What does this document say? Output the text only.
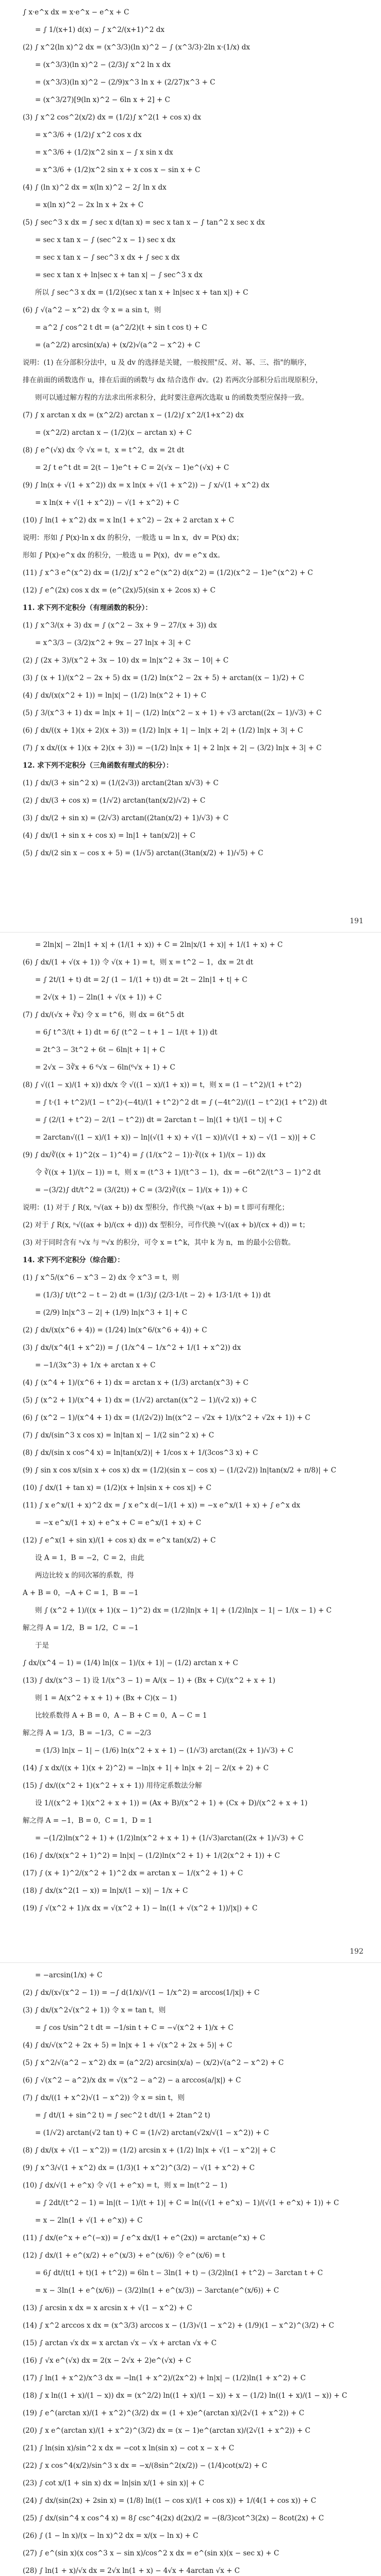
∫ x·e^x dx = x·e^x − e^x + C
= ∫ 1/(x+1) d(x) − ∫ x^2/(x+1)^2 dx
(2) ∫ x^2(ln x)^2 dx = (x^3/3)(ln x)^2 − ∫ (x^3/3)·2ln x·(1/x) dx
= (x^3/3)(ln x)^2 − (2/3)∫ x^2 ln x dx
= (x^3/3)(ln x)^2 − (2/9)x^3 ln x + (2/27)x^3 + C
= (x^3/27)[9(ln x)^2 − 6ln x + 2] + C
(3) ∫ x^2 cos^2(x/2) dx = (1/2)∫ x^2(1 + cos x) dx
= x^3/6 + (1/2)∫ x^2 cos x dx
= x^3/6 + (1/2)x^2 sin x − ∫ x sin x dx
= x^3/6 + (1/2)x^2 sin x + x cos x − sin x + C
(4) ∫ (ln x)^2 dx = x(ln x)^2 − 2∫ ln x dx
= x(ln x)^2 − 2x ln x + 2x + C
(5) ∫ sec^3 x dx = ∫ sec x d(tan x) = sec x tan x − ∫ tan^2 x sec x dx
= sec x tan x − ∫ (sec^2 x − 1) sec x dx
= sec x tan x − ∫ sec^3 x dx + ∫ sec x dx
= sec x tan x + ln|sec x + tan x| − ∫ sec^3 x dx
所以 ∫ sec^3 x dx = (1/2)(sec x tan x + ln|sec x + tan x|) + C
(6) ∫ √(a^2 − x^2) dx 令 x = a sin t，则
= a^2 ∫ cos^2 t dt = (a^2/2)(t + sin t cos t) + C
= (a^2/2) arcsin(x/a) + (x/2)√(a^2 − x^2) + C
说明：(1) 在分部积分法中，u 及 dv 的选择是关键，一般按照"反、对、幂、三、指"的顺序，
排在前面的函数选作 u，排在后面的函数与 dx 结合选作 dv。(2) 若两次分部积分后出现原积分，
则可以通过解方程的方法求出所求积分，此时要注意两次选取 u 的函数类型应保持一致。
(7) ∫ x arctan x dx = (x^2/2) arctan x − (1/2)∫ x^2/(1+x^2) dx
= (x^2/2) arctan x − (1/2)(x − arctan x) + C
(8) ∫ e^(√x) dx 令 √x = t，x = t^2，dx = 2t dt
= 2∫ t e^t dt = 2(t − 1)e^t + C = 2(√x − 1)e^(√x) + C
(9) ∫ ln(x + √(1 + x^2)) dx = x ln(x + √(1 + x^2)) − ∫ x/√(1 + x^2) dx
= x ln(x + √(1 + x^2)) − √(1 + x^2) + C
(10) ∫ ln(1 + x^2) dx = x ln(1 + x^2) − 2x + 2 arctan x + C
说明：形如 ∫ P(x)·ln x dx 的积分，一般选 u = ln x，dv = P(x) dx；
形如 ∫ P(x)·e^x dx 的积分，一般选 u = P(x)，dv = e^x dx。
(11) ∫ x^3 e^(x^2) dx = (1/2)∫ x^2 e^(x^2) d(x^2) = (1/2)(x^2 − 1)e^(x^2) + C
(12) ∫ e^(2x) cos x dx = (e^(2x)/5)(sin x + 2cos x) + C
11. 求下列不定积分（有理函数的积分）：
(1) ∫ x^3/(x + 3) dx = ∫ (x^2 − 3x + 9 − 27/(x + 3)) dx
= x^3/3 − (3/2)x^2 + 9x − 27 ln|x + 3| + C
(2) ∫ (2x + 3)/(x^2 + 3x − 10) dx = ln|x^2 + 3x − 10| + C
(3) ∫ (x + 1)/(x^2 − 2x + 5) dx = (1/2) ln(x^2 − 2x + 5) + arctan((x − 1)/2) + C
(4) ∫ dx/(x(x^2 + 1)) = ln|x| − (1/2) ln(x^2 + 1) + C
(5) ∫ 3/(x^3 + 1) dx = ln|x + 1| − (1/2) ln(x^2 − x + 1) + √3 arctan((2x − 1)/√3) + C
(6) ∫ dx/((x + 1)(x + 2)(x + 3)) = (1/2) ln|x + 1| − ln|x + 2| + (1/2) ln|x + 3| + C
(7) ∫ x dx/((x + 1)(x + 2)(x + 3)) = −(1/2) ln|x + 1| + 2 ln|x + 2| − (3/2) ln|x + 3| + C
12. 求下列不定积分（三角函数有理式的积分）：
(1) ∫ dx/(3 + sin^2 x) = (1/(2√3)) arctan(2tan x/√3) + C
(2) ∫ dx/(3 + cos x) = (1/√2) arctan(tan(x/2)/√2) + C
(3) ∫ dx/(2 + sin x) = (2/√3) arctan((2tan(x/2) + 1)/√3) + C
(4) ∫ dx/(1 + sin x + cos x) = ln|1 + tan(x/2)| + C
(5) ∫ dx/(2 sin x − cos x + 5) = (1/√5) arctan((3tan(x/2) + 1)/√5) + C
191
= 2ln|x| − 2ln|1 + x| + (1/(1 + x)) + C = 2ln|x/(1 + x)| + 1/(1 + x) + C
(6) ∫ dx/(1 + √(x + 1)) 令 √(x + 1) = t，则 x = t^2 − 1，dx = 2t dt
= ∫ 2t/(1 + t) dt = 2∫ (1 − 1/(1 + t)) dt = 2t − 2ln|1 + t| + C
= 2√(x + 1) − 2ln(1 + √(x + 1)) + C
(7) ∫ dx/(√x + ∛x) 令 x = t^6，则 dx = 6t^5 dt
= 6∫ t^3/(t + 1) dt = 6∫ (t^2 − t + 1 − 1/(t + 1)) dt
= 2t^3 − 3t^2 + 6t − 6ln|t + 1| + C
= 2√x − 3∛x + 6 ⁶√x − 6ln(⁶√x + 1) + C
(8) ∫ √((1 − x)/(1 + x)) dx/x 令 √((1 − x)/(1 + x)) = t，则 x = (1 − t^2)/(1 + t^2)
= ∫ t·(1 + t^2)/(1 − t^2)·(−4t)/(1 + t^2)^2 dt = ∫ (−4t^2)/((1 − t^2)(1 + t^2)) dt
= ∫ (2/(1 + t^2) − 2/(1 − t^2)) dt = 2arctan t − ln|(1 + t)/(1 − t)| + C
= 2arctan√((1 − x)/(1 + x)) − ln|(√(1 + x) + √(1 − x))/(√(1 + x) − √(1 − x))| + C
(9) ∫ dx/∛((x + 1)^2(x − 1)^4) = ∫ (1/(x^2 − 1))·∛((x + 1)/(x − 1)) dx
令 ∛((x + 1)/(x − 1)) = t，则 x = (t^3 + 1)/(t^3 − 1)，dx = −6t^2/(t^3 − 1)^2 dt
= −(3/2)∫ dt/t^2 = (3/(2t)) + C = (3/2)∛((x − 1)/(x + 1)) + C
说明：(1) 对于 ∫ R(x, ⁿ√(ax + b)) dx 型积分，作代换 ⁿ√(ax + b) = t 即可有理化；
(2) 对于 ∫ R(x, ⁿ√((ax + b)/(cx + d))) dx 型积分，可作代换 ⁿ√((ax + b)/(cx + d)) = t；
(3) 对于同时含有 ⁿ√x 与 ᵐ√x 的积分，可令 x = t^k，其中 k 为 n，m 的最小公倍数。
14. 求下列不定积分（综合题）：
(1) ∫ x^5/(x^6 − x^3 − 2) dx 令 x^3 = t，则
= (1/3)∫ t/(t^2 − t − 2) dt = (1/3)∫ (2/3·1/(t − 2) + 1/3·1/(t + 1)) dt
= (2/9) ln|x^3 − 2| + (1/9) ln|x^3 + 1| + C
(2) ∫ dx/(x(x^6 + 4)) = (1/24) ln(x^6/(x^6 + 4)) + C
(3) ∫ dx/(x^4(1 + x^2)) = ∫ (1/x^4 − 1/x^2 + 1/(1 + x^2)) dx
= −1/(3x^3) + 1/x + arctan x + C
(4) ∫ (x^4 + 1)/(x^6 + 1) dx = arctan x + (1/3) arctan(x^3) + C
(5) ∫ (x^2 + 1)/(x^4 + 1) dx = (1/√2) arctan((x^2 − 1)/(√2 x)) + C
(6) ∫ (x^2 − 1)/(x^4 + 1) dx = (1/(2√2)) ln((x^2 − √2x + 1)/(x^2 + √2x + 1)) + C
(7) ∫ dx/(sin^3 x cos x) = ln|tan x| − 1/(2 sin^2 x) + C
(8) ∫ dx/(sin x cos^4 x) = ln|tan(x/2)| + 1/cos x + 1/(3cos^3 x) + C
(9) ∫ sin x cos x/(sin x + cos x) dx = (1/2)(sin x − cos x) − (1/(2√2)) ln|tan(x/2 + π/8)| + C
(10) ∫ dx/(1 + tan x) = (1/2)(x + ln|sin x + cos x|) + C
(11) ∫ x e^x/(1 + x)^2 dx = ∫ x e^x d(−1/(1 + x)) = −x e^x/(1 + x) + ∫ e^x dx
= −x e^x/(1 + x) + e^x + C = e^x/(1 + x) + C
(12) ∫ e^x(1 + sin x)/(1 + cos x) dx = e^x tan(x/2) + C
设 A = 1，B = −2，C = 2，由此
两边比较 x 的同次幂的系数，得
A + B = 0，−A + C = 1，B = −1
则 ∫ (x^2 + 1)/((x + 1)(x − 1)^2) dx = (1/2)ln|x + 1| + (1/2)ln|x − 1| − 1/(x − 1) + C
解之得 A = 1/2，B = 1/2，C = −1
于是
∫ dx/(x^4 − 1) = (1/4) ln|(x − 1)/(x + 1)| − (1/2) arctan x + C
(13) ∫ dx/(x^3 − 1) 设 1/(x^3 − 1) = A/(x − 1) + (Bx + C)/(x^2 + x + 1)
则 1 = A(x^2 + x + 1) + (Bx + C)(x − 1)
比较系数得 A + B = 0，A − B + C = 0，A − C = 1
解之得 A = 1/3，B = −1/3，C = −2/3
= (1/3) ln|x − 1| − (1/6) ln(x^2 + x + 1) − (1/√3) arctan((2x + 1)/√3) + C
(14) ∫ x dx/((x + 1)(x + 2)^2) = −ln|x + 1| + ln|x + 2| − 2/(x + 2) + C
(15) ∫ dx/((x^2 + 1)(x^2 + x + 1)) 用待定系数法分解
设 1/((x^2 + 1)(x^2 + x + 1)) = (Ax + B)/(x^2 + 1) + (Cx + D)/(x^2 + x + 1)
解之得 A = −1，B = 0，C = 1，D = 1
= −(1/2)ln(x^2 + 1) + (1/2)ln(x^2 + x + 1) + (1/√3)arctan((2x + 1)/√3) + C
(16) ∫ dx/(x(x^2 + 1)^2) = ln|x| − (1/2)ln(x^2 + 1) + 1/(2(x^2 + 1)) + C
(17) ∫ (x + 1)^2/(x^2 + 1)^2 dx = arctan x − 1/(x^2 + 1) + C
(18) ∫ dx/(x^2(1 − x)) = ln|x/(1 − x)| − 1/x + C
(19) ∫ √(x^2 + 1)/x dx = √(x^2 + 1) − ln((1 + √(x^2 + 1))/|x|) + C
192
= −arcsin(1/x) + C
(2) ∫ dx/(x√(x^2 − 1)) = −∫ d(1/x)/√(1 − 1/x^2) = arccos(1/|x|) + C
(3) ∫ dx/(x^2√(x^2 + 1)) 令 x = tan t，则
= ∫ cos t/sin^2 t dt = −1/sin t + C = −√(x^2 + 1)/x + C
(4) ∫ dx/√(x^2 + 2x + 5) = ln|x + 1 + √(x^2 + 2x + 5)| + C
(5) ∫ x^2/√(a^2 − x^2) dx = (a^2/2) arcsin(x/a) − (x/2)√(a^2 − x^2) + C
(6) ∫ √(x^2 − a^2)/x dx = √(x^2 − a^2) − a arccos(a/|x|) + C
(7) ∫ dx/((1 + x^2)√(1 − x^2)) 令 x = sin t，则
= ∫ dt/(1 + sin^2 t) = ∫ sec^2 t dt/(1 + 2tan^2 t)
= (1/√2) arctan(√2 tan t) + C = (1/√2) arctan(√2x/√(1 − x^2)) + C
(8) ∫ dx/(x + √(1 − x^2)) = (1/2) arcsin x + (1/2) ln|x + √(1 − x^2)| + C
(9) ∫ x^3/√(1 + x^2) dx = (1/3)(1 + x^2)^(3/2) − √(1 + x^2) + C
(10) ∫ dx/√(1 + e^x) 令 √(1 + e^x) = t，则 x = ln(t^2 − 1)
= ∫ 2dt/(t^2 − 1) = ln|(t − 1)/(t + 1)| + C = ln((√(1 + e^x) − 1)/(√(1 + e^x) + 1)) + C
= x − 2ln(1 + √(1 + e^x)) + C
(11) ∫ dx/(e^x + e^(−x)) = ∫ e^x dx/(1 + e^(2x)) = arctan(e^x) + C
(12) ∫ dx/(1 + e^(x/2) + e^(x/3) + e^(x/6)) 令 e^(x/6) = t
= 6∫ dt/(t(1 + t)(1 + t^2)) = 6ln t − 3ln(1 + t) − (3/2)ln(1 + t^2) − 3arctan t + C
= x − 3ln(1 + e^(x/6)) − (3/2)ln(1 + e^(x/3)) − 3arctan(e^(x/6)) + C
(13) ∫ arcsin x dx = x arcsin x + √(1 − x^2) + C
(14) ∫ x^2 arccos x dx = (x^3/3) arccos x − (1/3)√(1 − x^2) + (1/9)(1 − x^2)^(3/2) + C
(15) ∫ arctan √x dx = x arctan √x − √x + arctan √x + C
(16) ∫ √x e^(√x) dx = 2(x − 2√x + 2)e^(√x) + C
(17) ∫ ln(1 + x^2)/x^3 dx = −ln(1 + x^2)/(2x^2) + ln|x| − (1/2)ln(1 + x^2) + C
(18) ∫ x ln((1 + x)/(1 − x)) dx = (x^2/2) ln((1 + x)/(1 − x)) + x − (1/2) ln((1 + x)/(1 − x)) + C
(19) ∫ e^(arctan x)/(1 + x^2)^(3/2) dx = (1 + x)e^(arctan x)/(2√(1 + x^2)) + C
(20) ∫ x e^(arctan x)/(1 + x^2)^(3/2) dx = (x − 1)e^(arctan x)/(2√(1 + x^2)) + C
(21) ∫ ln(sin x)/sin^2 x dx = −cot x ln(sin x) − cot x − x + C
(22) ∫ x cos^4(x/2)/sin^3 x dx = −x/(8sin^2(x/2)) − (1/4)cot(x/2) + C
(23) ∫ cot x/(1 + sin x) dx = ln|sin x/(1 + sin x)| + C
(24) ∫ dx/(sin(2x) + 2sin x) = (1/8) ln((1 − cos x)/(1 + cos x)) + 1/(4(1 + cos x)) + C
(25) ∫ dx/(sin^4 x cos^4 x) = 8∫ csc^4(2x) d(2x)/2 = −(8/3)cot^3(2x) − 8cot(2x) + C
(26) ∫ (1 − ln x)/(x − ln x)^2 dx = x/(x − ln x) + C
(27) ∫ e^(sin x)(x cos^3 x − sin x)/cos^2 x dx = e^(sin x)(x − sec x) + C
(28) ∫ ln(1 + x)/√x dx = 2√x ln(1 + x) − 4√x + 4arctan √x + C
